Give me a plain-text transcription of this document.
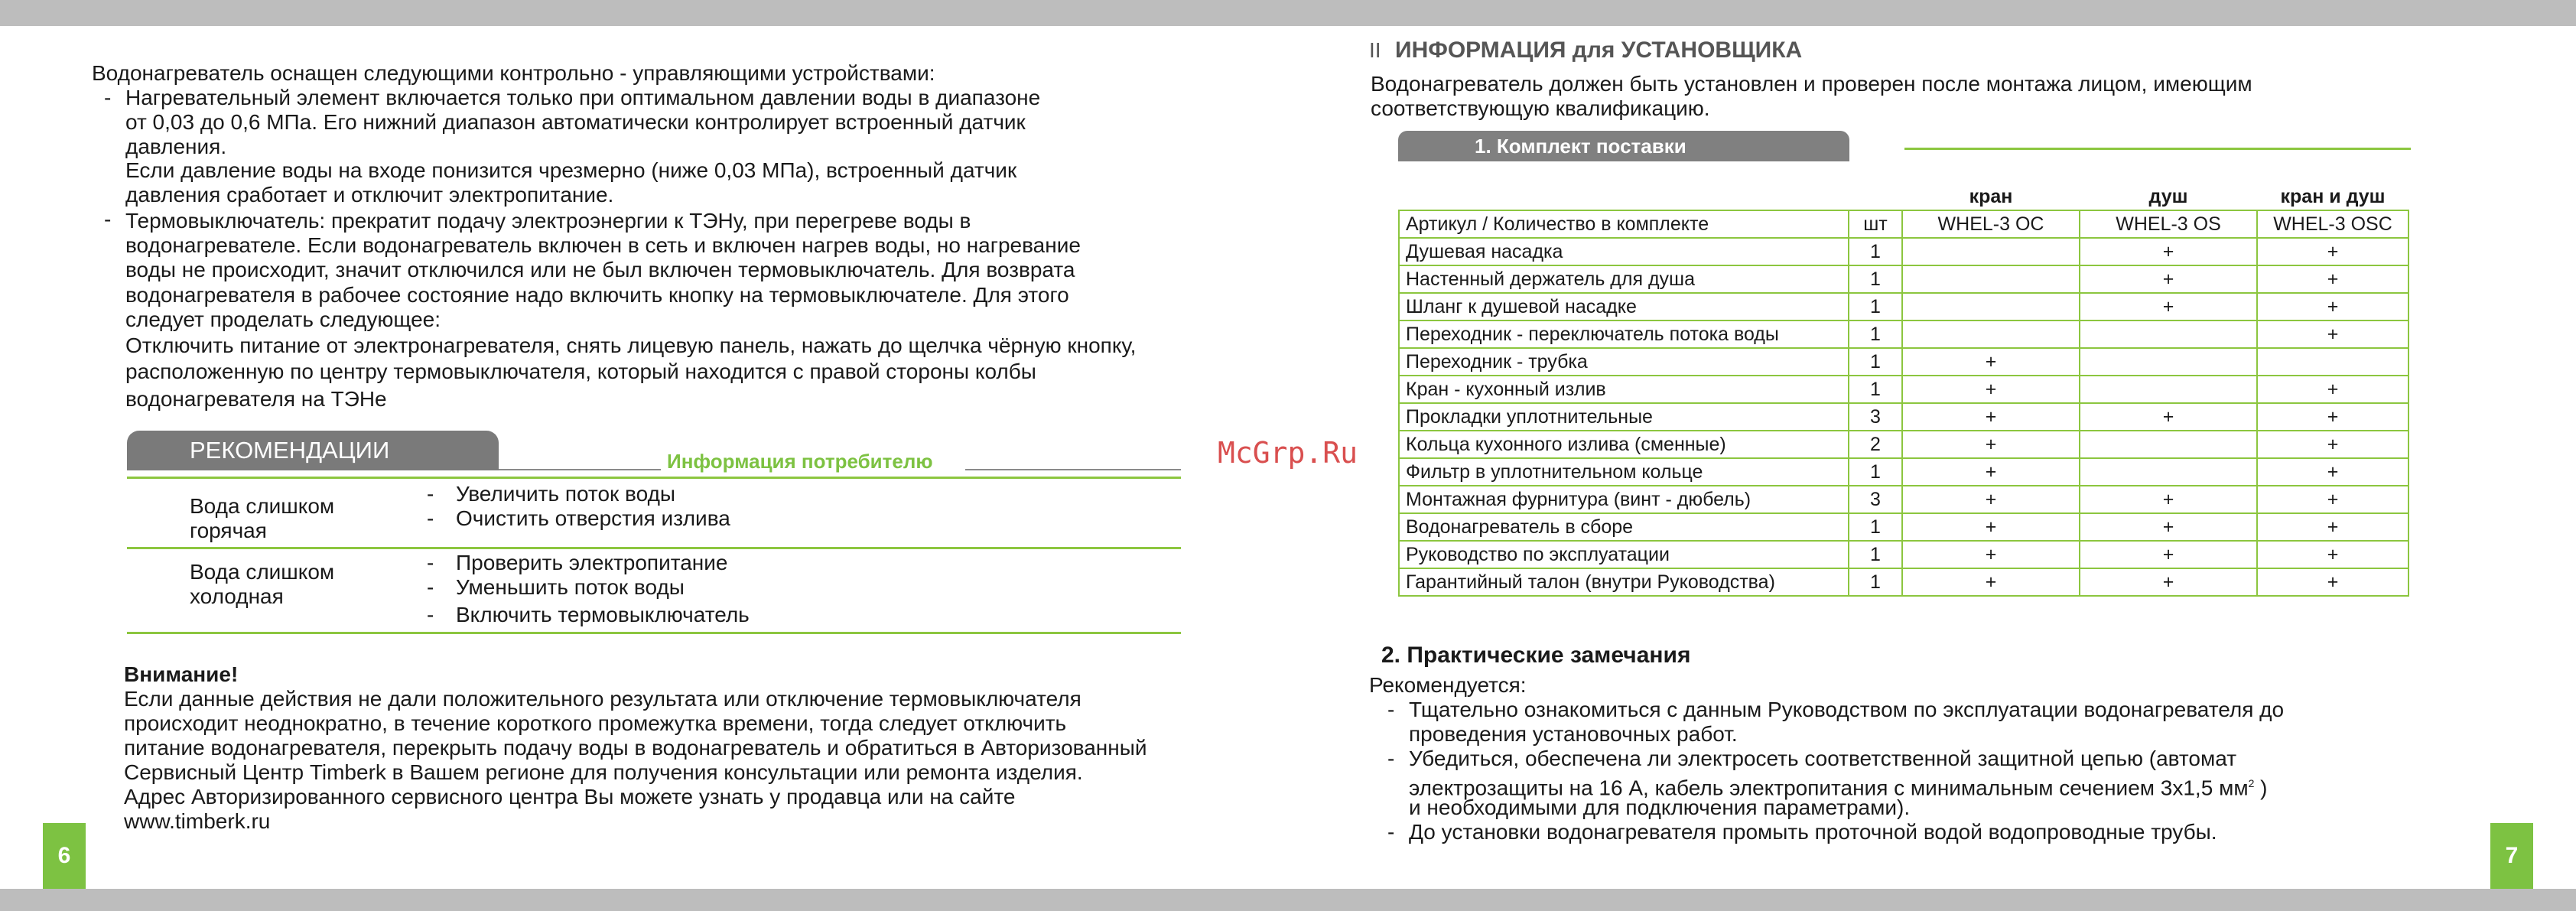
Водонагреватель оснащен следующими контрольно - управляющими устройствами:
- Нагревательный элемент включается только при оптимальном давлении воды в диапазоне
от 0,03 до 0,6 МПа. Его нижний диапазон автоматически контролирует встроенный датчик
давления.
Если давление воды на входе понизится чрезмерно (ниже 0,03 МПа), встроенный датчик
давления сработает и отключит электропитание.
- Термовыключатель: прекратит подачу электроэнергии к ТЭНу, при перегреве воды в
водонагревателе. Если водонагреватель включен в сеть и включен нагрев воды, но нагревание
воды не происходит, значит отключился или не был включен термовыключатель. Для возврата
водонагревателя в рабочее состояние надо включить кнопку на термовыключателе. Для этого
следует проделать следующее:
Отключить питание от электронагревателя, снять лицевую панель, нажать до щелчка чёрную кнопку,
расположенную по центру термовыключателя, который находится с правой стороны колбы
водонагревателя на ТЭНе
РЕКОМЕНДАЦИИ	Информация потребителю
Вода слишком
горячая
- Увеличить поток воды
- Очистить отверстия излива
Вода слишком
холодная
- Проверить электропитание
- Уменьшить поток воды
- Включить термовыключатель
Внимание!
Если данные действия не дали положительного результата или отключение термовыключателя
происходит неоднократно, в течение короткого промежутка времени, тогда следует отключить
питание водонагревателя, перекрыть подачу воды в водонагреватель и обратиться в Авторизованный
Сервисный Центр Timberk в Вашем регионе для получения консультации или ремонта изделия.
Адрес Авторизированного сервисного центра Вы можете узнать у продавца или на сайте
www.timberk.ru
6
McGrp.Ru
II ИНФОРМАЦИЯ для УСТАНОВЩИКА
Водонагреватель должен быть установлен и проверен после монтажа лицом, имеющим
соответствующую квалификацию.
1. Комплект поставки
		кран	душ	кран и душ
Артикул / Количество в комплекте	шт	WHEL-3 OC	WHEL-3 OS	WHEL-3 OSC
Душевая насадка	1		+	+
Настенный держатель для душа	1		+	+
Шланг к душевой насадке	1		+	+
Переходник - переключатель потока воды	1			+
Переходник - трубка	1	+		
Кран - кухонный излив	1	+		+
Прокладки уплотнительные	3	+	+	+
Кольца кухонного излива (сменные)	2	+		+
Фильтр в уплотнительном кольце	1	+		+
Монтажная фурнитура (винт - дюбель)	3	+	+	+
Водонагреватель в сборе	1	+	+	+
Руководство по эксплуатации	1	+	+	+
Гарантийный талон (внутри Руководства)	1	+	+	+
2. Практические замечания
Рекомендуется:
- Тщательно ознакомиться с данным Руководством по эксплуатации водонагревателя до
проведения установочных работ.
- Убедиться, обеспечена ли электросеть соответственной защитной цепью (автомат
электрозащиты на 16 А, кабель электропитания с минимальным сечением 3х1,5 $мм^2$ )
и необходимыми для подключения параметрами).
- До установки водонагревателя промыть проточной водой водопроводные трубы.
7
